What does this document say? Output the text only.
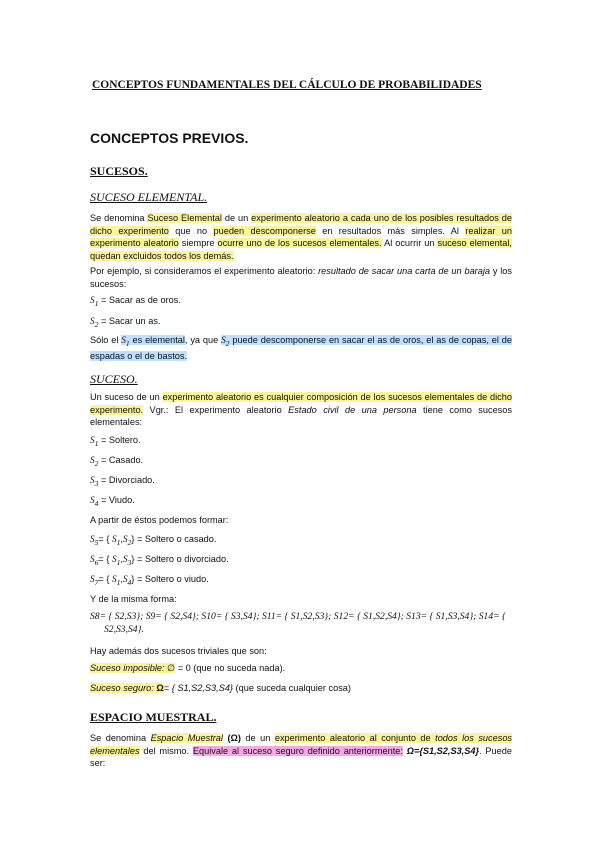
CONCEPTOS FUNDAMENTALES DEL CÁLCULO DE PROBABILIDADES
CONCEPTOS PREVIOS.
SUCESOS.
SUCESO ELEMENTAL.
Se denomina Suceso Elemental de un experimento aleatorio a cada uno de los posibles resultados de dicho experimento que no pueden descomponerse en resultados más simples. Al realizar un experimento aleatorio siempre ocurre uno de los sucesos elementales. Al ocurrir un suceso elemental, quedan excluidos todos los demás.
Por ejemplo, si consideramos el experimento aleatorio: resultado de sacar una carta de un baraja y los sucesos:
$S_1$ = Sacar as de oros.
$S_2$ = Sacar un as.
Sólo el $S_1$ es elemental, ya que $S_2$ puede descomponerse en sacar el as de oros, el as de copas, el de espadas o el de bastos.
SUCESO.
Un suceso de un experimento aleatorio es cualquier composición de los sucesos elementales de dicho experimento. Vgr.: El experimento aleatorio Estado civil de una persona tiene como sucesos elementales:
$S_1$ = Soltero.
$S_2$ = Casado.
$S_3$ = Divorciado.
$S_4$ = Viudo.
A partir de éstos podemos formar:
$S_5=$ { $S_1,S_2$} = Soltero o casado.
$S_6=$ { $S_1,S_3$} = Soltero o divorciado.
$S_7=$ { $S_1,S_4$} = Soltero o viudo.
Y de la misma forma:
S8= { S2,S3}; S9= { S2,S4}; S10= { S3,S4}; S11= { S1,S2,S3}; S12= { S1,S2,S4}; S13= { S1,S3,S4}; S14= {
S2,S3,S4}.
Hay además dos sucesos triviales que son:
Suceso imposible: ∅ = 0 (que no suceda nada).
Suceso seguro: Ω= { S1,S2,S3,S4} (que suceda cualquier cosa)
ESPACIO MUESTRAL.
Se denomina Espacio Muestral (Ω) de un experimento aleatorio al conjunto de todos los sucesos elementales del mismo. Equivale al suceso seguro definido anteriormente: Ω={S1,S2,S3,S4}. Puede ser:
